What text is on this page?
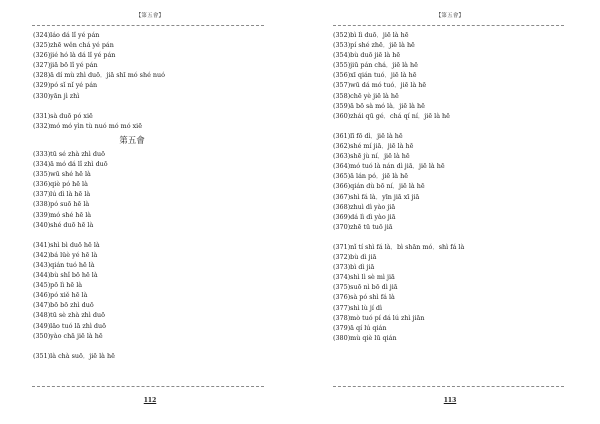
【第五會】
(324)láo dá lǐ yé pán
(325)zhē wěn chá yé pán
(326)jié hó là dá lǐ yé pán
(327)jiā bō lǐ yé pán
(328)ā dí mù zhì duō．jiā shī mó shé nuó
(329)pó sǐ nǐ yé pán
(330)yān jì zhì
(331)sà duō pó xiē
(332)mó mó yìn tù nuó mó mó xiē
第五會
(333)tū sé zhà zhì duō
(334)ā mó dá lǐ zhì duō
(335)wū shé hē là
(336)qiè pó hē là
(337)lú dì là hē là
(338)pó suō hē là
(339)mó shé hē là
(340)shé duō hē là
(341)shì bì duō hē là
(342)bá lüè yé hē là
(343)qián tuó hē là
(344)bù shǐ bō hē là
(345)pō lì hē là
(346)pó xiě hē là
(347)bō bō zhì duō
(348)tū sè zhà zhì duō
(349)lāo tuó lā zhì duō
(350)yào chā jiē là hē
(351)là chà suō．jiē là hē
112
【第五會】
(352)bì lì duō．jiē là hē
(353)pí shé zhē．jiē là hē
(354)bù duō jiē là hē
(355)jiū pán chá．jiē là hē
(356)xī qián tuó．jiē là hē
(357)wū dá mó tuó．jiē là hē
(358)chē yè jiē là hē
(359)ā bō sà mó là．jiē là hē
(360)zhái qū gé．chá qí ní．jiē là hē
(361)lī fō dì．jiē là hē
(362)shé mí jiā．jiē là hē
(363)shē jù ní．jiē là hē
(364)mó tuó là nán dì jiā．jiē là hē
(365)ā lán pó．jiē là hē
(366)qián dù bō ní．jiē là hē
(367)shì fá là．yīn jiā xī jiā
(368)zhuì dì yào jiā
(369)dá lì dì yào jiā
(370)zhē tū tuō jiā
(371)nǐ tí shì fá là．bì shān mó．shì fá là
(372)bù dì jiā
(373)bì dì jiā
(374)shì lì sè mì jiā
(375)suō nì bō dì jiā
(376)sà pó shì fá là
(377)shì lù jí dì
(378)mò tuó pí dá lú zhì jiān
(379)ā qí lú qián
(380)mù qiè lū qián
113
